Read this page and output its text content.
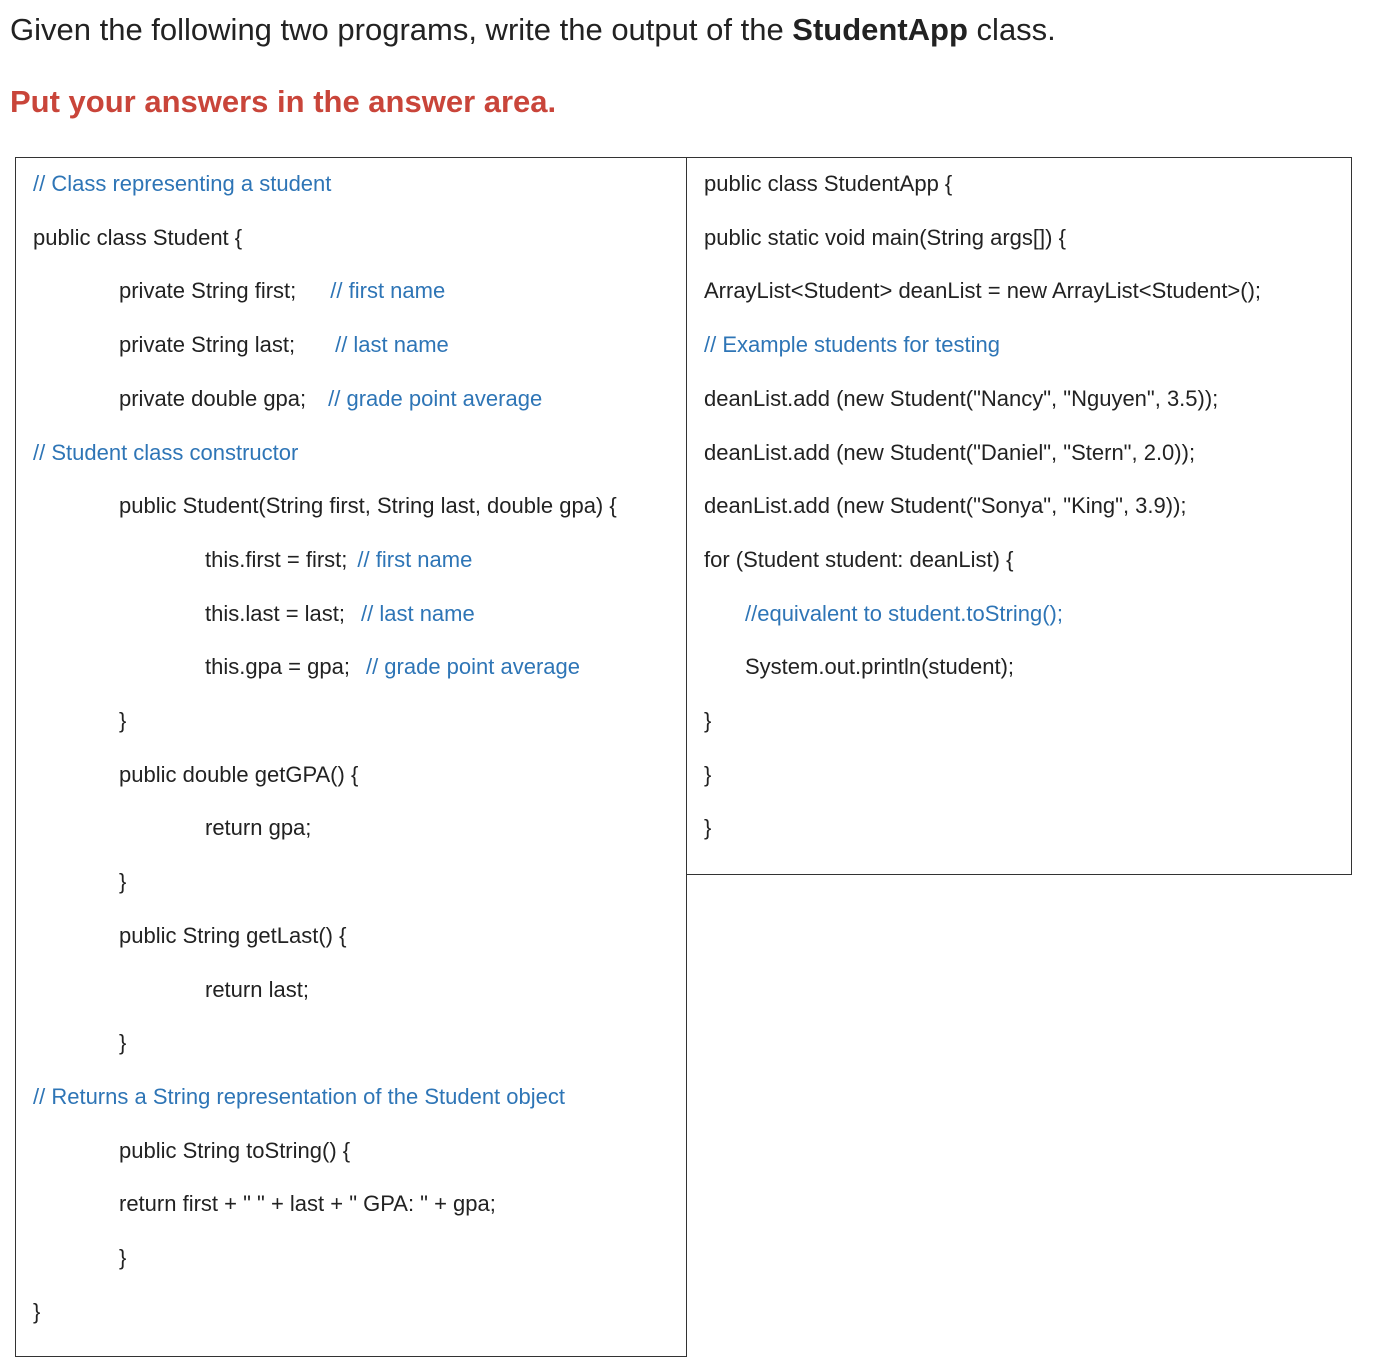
Given the following two programs, write the output of the StudentApp class.
Put your answers in the answer area.
// Class representing a student
public class Student {
private String first; // first name
private String last; // last name
private double gpa; // grade point average
// Student class constructor
public Student(String first, String last, double gpa) {
this.first = first; // first name
this.last = last; // last name
this.gpa = gpa; // grade point average
}
public double getGPA() {
return gpa;
}
public String getLast() {
return last;
}
// Returns a String representation of the Student object
public String toString() {
return first + " " + last + " GPA: " + gpa;
}
}
public class StudentApp {
public static void main(String args[]) {
ArrayList<Student> deanList = new ArrayList<Student>();
// Example students for testing
deanList.add (new Student("Nancy", "Nguyen", 3.5));
deanList.add (new Student("Daniel", "Stern", 2.0));
deanList.add (new Student("Sonya", "King", 3.9));
for (Student student: deanList) {
//equivalent to student.toString();
System.out.println(student);
}
}
}
